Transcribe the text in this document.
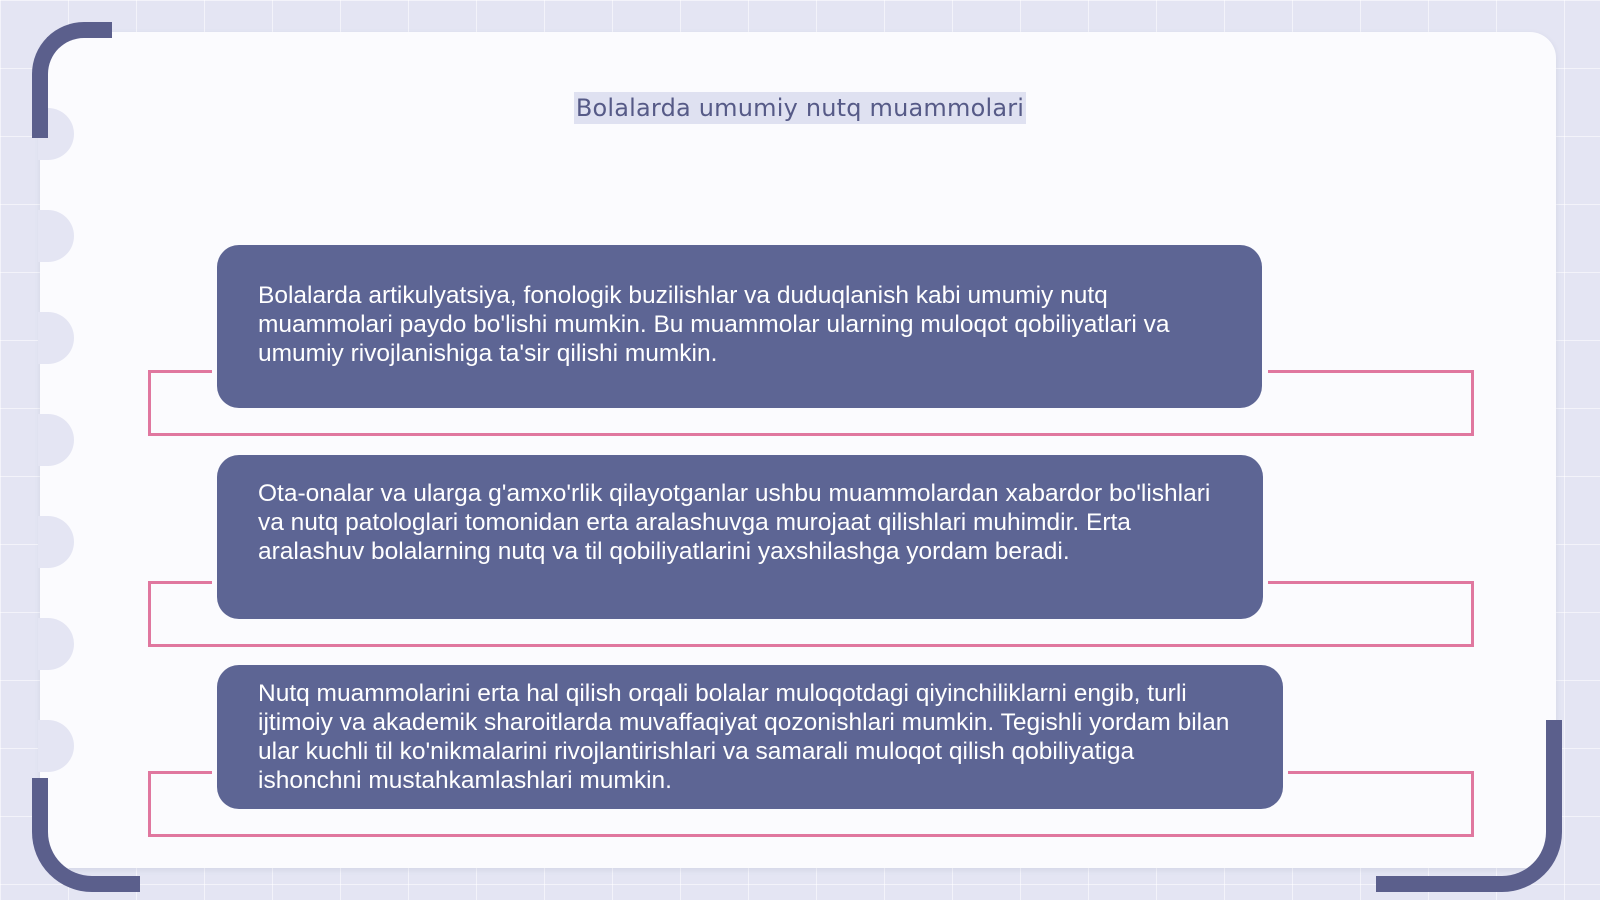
Bolalarda umumiy nutq muammolari

Bolalarda artikulyatsiya, fonologik buzilishlar va duduqlanish kabi umumiy nutq muammolari paydo bo'lishi mumkin. Bu muammolar ularning muloqot qobiliyatlari va umumiy rivojlanishiga ta'sir qilishi mumkin.

Ota-onalar va ularga g'amxo'rlik qilayotganlar ushbu muammolardan xabardor bo'lishlari va nutq patologlari tomonidan erta aralashuvga murojaat qilishlari muhimdir. Erta aralashuv bolalarning nutq va til qobiliyatlarini yaxshilashga yordam beradi.

Nutq muammolarini erta hal qilish orqali bolalar muloqotdagi qiyinchiliklarni engib, turli ijtimoiy va akademik sharoitlarda muvaffaqiyat qozonishlari mumkin. Tegishli yordam bilan ular kuchli til ko'nikmalarini rivojlantirishlari va samarali muloqot qilish qobiliyatiga ishonchni mustahkamlashlari mumkin.
